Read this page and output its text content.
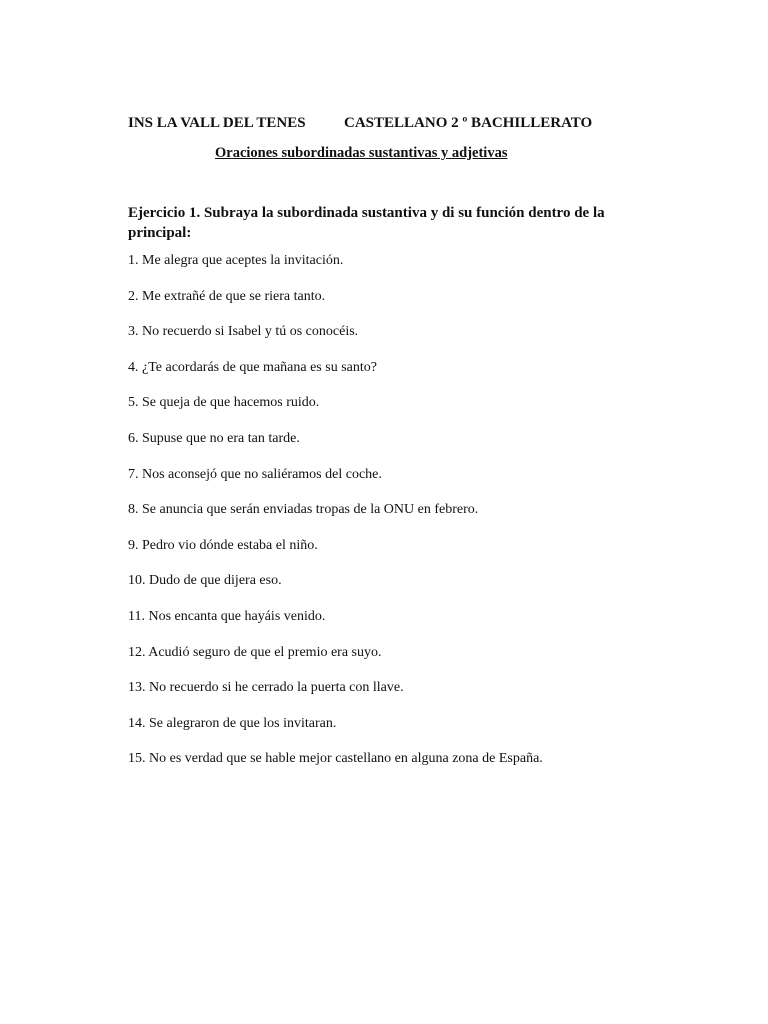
INS LA VALL DEL TENES	CASTELLANO 2 º BACHILLERATO
Oraciones subordinadas sustantivas y adjetivas
Ejercicio 1. Subraya la subordinada sustantiva y di su función dentro de la principal:
1. Me alegra que aceptes la invitación.
2. Me extrañé de que se riera tanto.
3. No recuerdo si Isabel y tú os conocéis.
4. ¿Te acordarás de que mañana es su santo?
5. Se queja de que hacemos ruido.
6. Supuse que no era tan tarde.
7. Nos aconsejó que no saliéramos del coche.
8. Se anuncia que serán enviadas tropas de la ONU en febrero.
9. Pedro vio dónde estaba el niño.
10. Dudo de que dijera eso.
11. Nos encanta que hayáis venido.
12. Acudió seguro de que el premio era suyo.
13. No recuerdo si he cerrado la puerta con llave.
14. Se alegraron de que los invitaran.
15. No es verdad que se hable mejor castellano en alguna zona de España.
